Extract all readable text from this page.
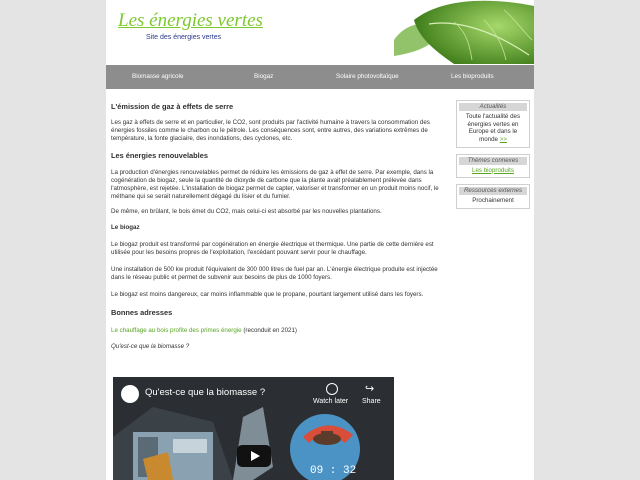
Les énergies vertes
Site des énergies vertes
Biomasse agricole	Biogaz	Solaire photovoltaïque	Les bioproduits
L'émission de gaz à effets de serre

Les gaz à effets de serre et en particulier, le CO2, sont produits par l'activité humaine à travers la consommation des énergies fossiles comme le charbon ou le pétrole. Les conséquences sont, entre autres, des variations extrêmes de température, la fonte glaciaire, des inondations, des cyclones, etc.

Les énergies renouvelables

La production d'énergies renouvelables permet de réduire les émissions de gaz à effet de serre. Par exemple, dans la cogénération de biogaz, seule la quantité de dioxyde de carbone que la plante avait préalablement prélevée dans l'atmosphère, est rejetée. L'installation de biogaz permet de capter, valoriser et transformer en un produit moins nocif, le méthane qui se serait naturellement dégagé du lisier et du fumier.

De même, en brûlant, le bois émet du CO2, mais celui-ci est absorbé par les nouvelles plantations.

Le biogaz

Le biogaz produit est transformé par cogénération en énergie électrique et thermique. Une partie de cette dernière est utilisée pour les besoins propres de l'exploitation, l'excédant pouvant servir pour le chauffage.

Une installation de 500 kw produit l'équivalent de 300 000 litres de fuel par an. L'énergie électrique produite est injectée dans le réseau public et permet de subvenir aux besoins de plus de 1000 foyers.

Le biogaz est moins dangereux, car moins inflammable que le propane, pourtant largement utilisé dans les foyers.

Bonnes adresses

Le chauffage au bois profite des primes énergie (reconduit en 2021)

Qu'est-ce que la biomasse ?

Actualités
Toute l'actualité des énergies vertes en Europe et dans le monde >>
Thèmes connexes
Les bioproduits
Ressources externes
Prochainement
Qu'est-ce que la biomasse ?
Watch later
↪
Share
09 : 32
